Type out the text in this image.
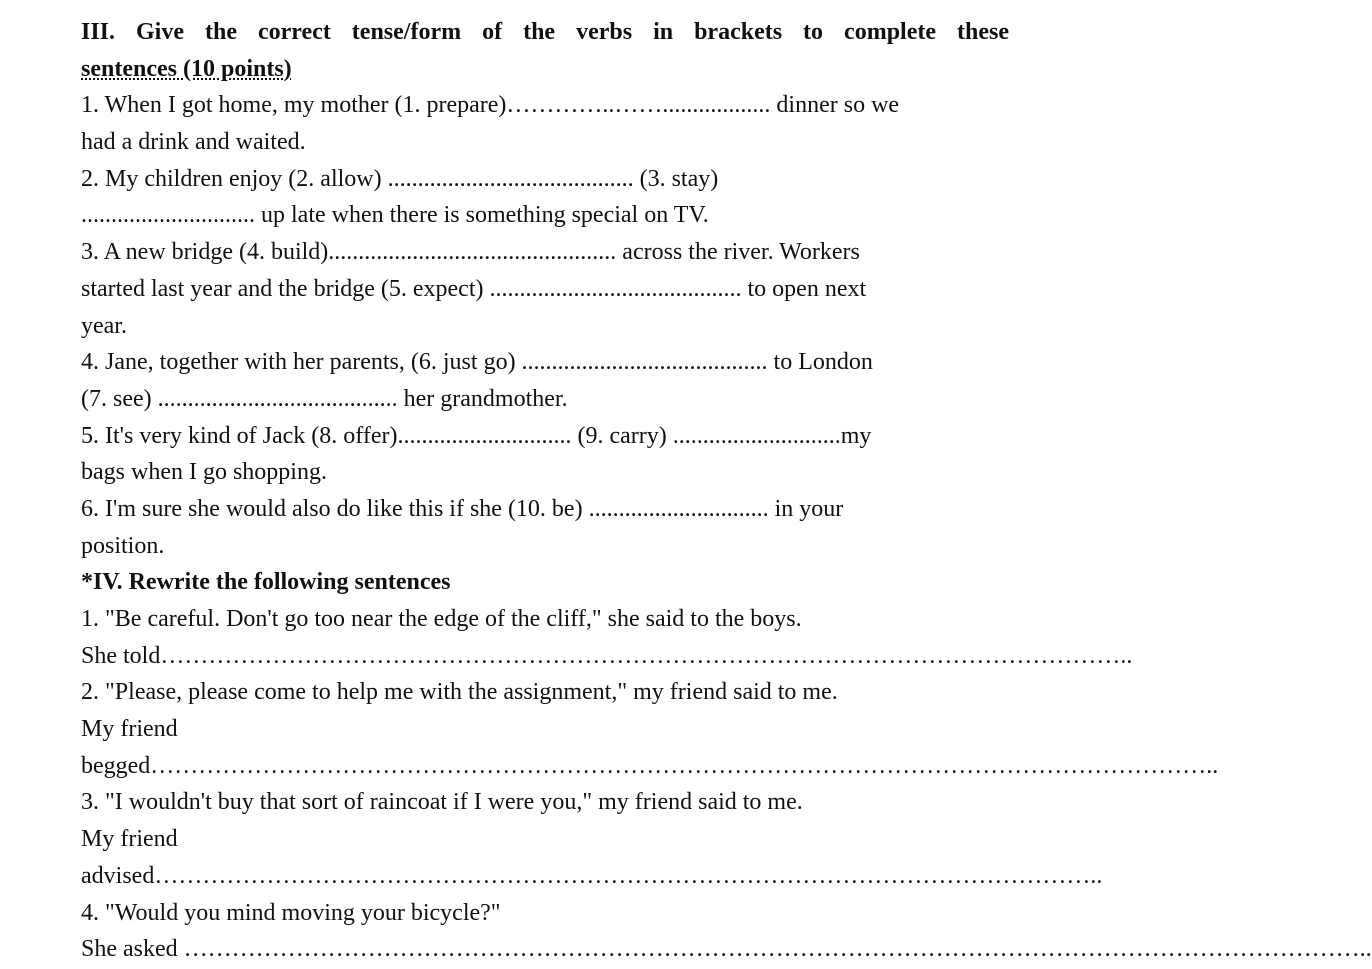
III. Give the correct tense/form of the verbs in brackets to complete these
sentences (10 points)
1. When I got home, my mother (1. prepare)…………..…….................. dinner so we
had a drink and waited.
2. My children enjoy (2. allow) ......................................... (3. stay)
............................. up late when there is something special on TV.
3. A new bridge (4. build)................................................ across the river. Workers
started last year and the bridge (5. expect) .......................................... to open next
year.
4. Jane, together with her parents, (6. just go) ......................................... to London
(7. see) ........................................ her grandmother.
5. It's very kind of Jack (8. offer)............................. (9. carry) ............................my
bags when I go shopping.
6. I'm sure she would also do like this if she (10. be) .............................. in your
position.
*IV. Rewrite the following sentences
1. "Be careful. Don't go too near the edge of the cliff," she said to the boys.
She told…………………………………………………………………………………………………………..
2. "Please, please come to help me with the assignment," my friend said to me.
My friend
begged……………………………………………………………………………………………………………………..
3. "I wouldn't buy that sort of raincoat if I were you," my friend said to me.
My friend
advised………………………………………………………………………………………………………..
4. "Would you mind moving your bicycle?"
She asked …………………………………………………………………………………………………………………………………..
